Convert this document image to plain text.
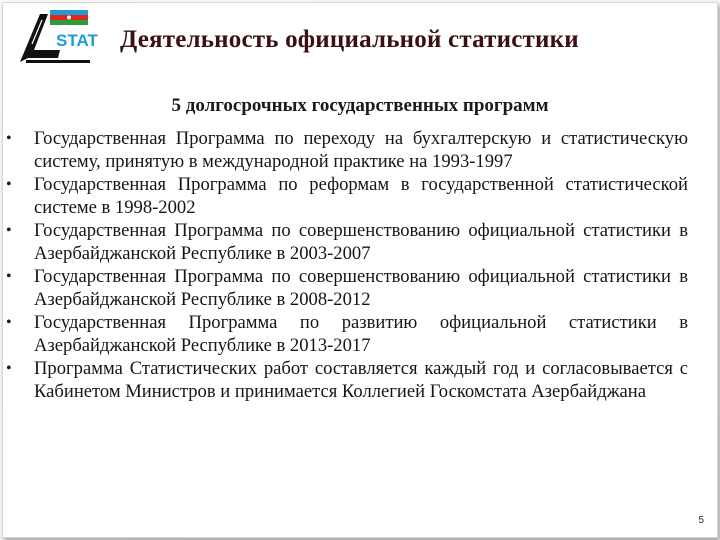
STAT Деятельность официальной статистики
5 долгосрочных государственных программ
• Государственная Программа по переходу на бухгалтерскую и статистическую систему, принятую в международной практике на 1993-1997
• Государственная Программа по реформам в государственной статистической системе в 1998-2002
• Государственная Программа по совершенствованию официальной статистики в Азербайджанской Республике в 2003-2007
• Государственная Программа по совершенствованию официальной статистики в Азербайджанской Республике в 2008-2012
• Государственная Программа по развитию официальной статистики в Азербайджанской Республике в 2013-2017
• Программа Статистических работ составляется каждый год и согласовывается с Кабинетом Министров и принимается Коллегией Госкомстата Азербайджана
5
